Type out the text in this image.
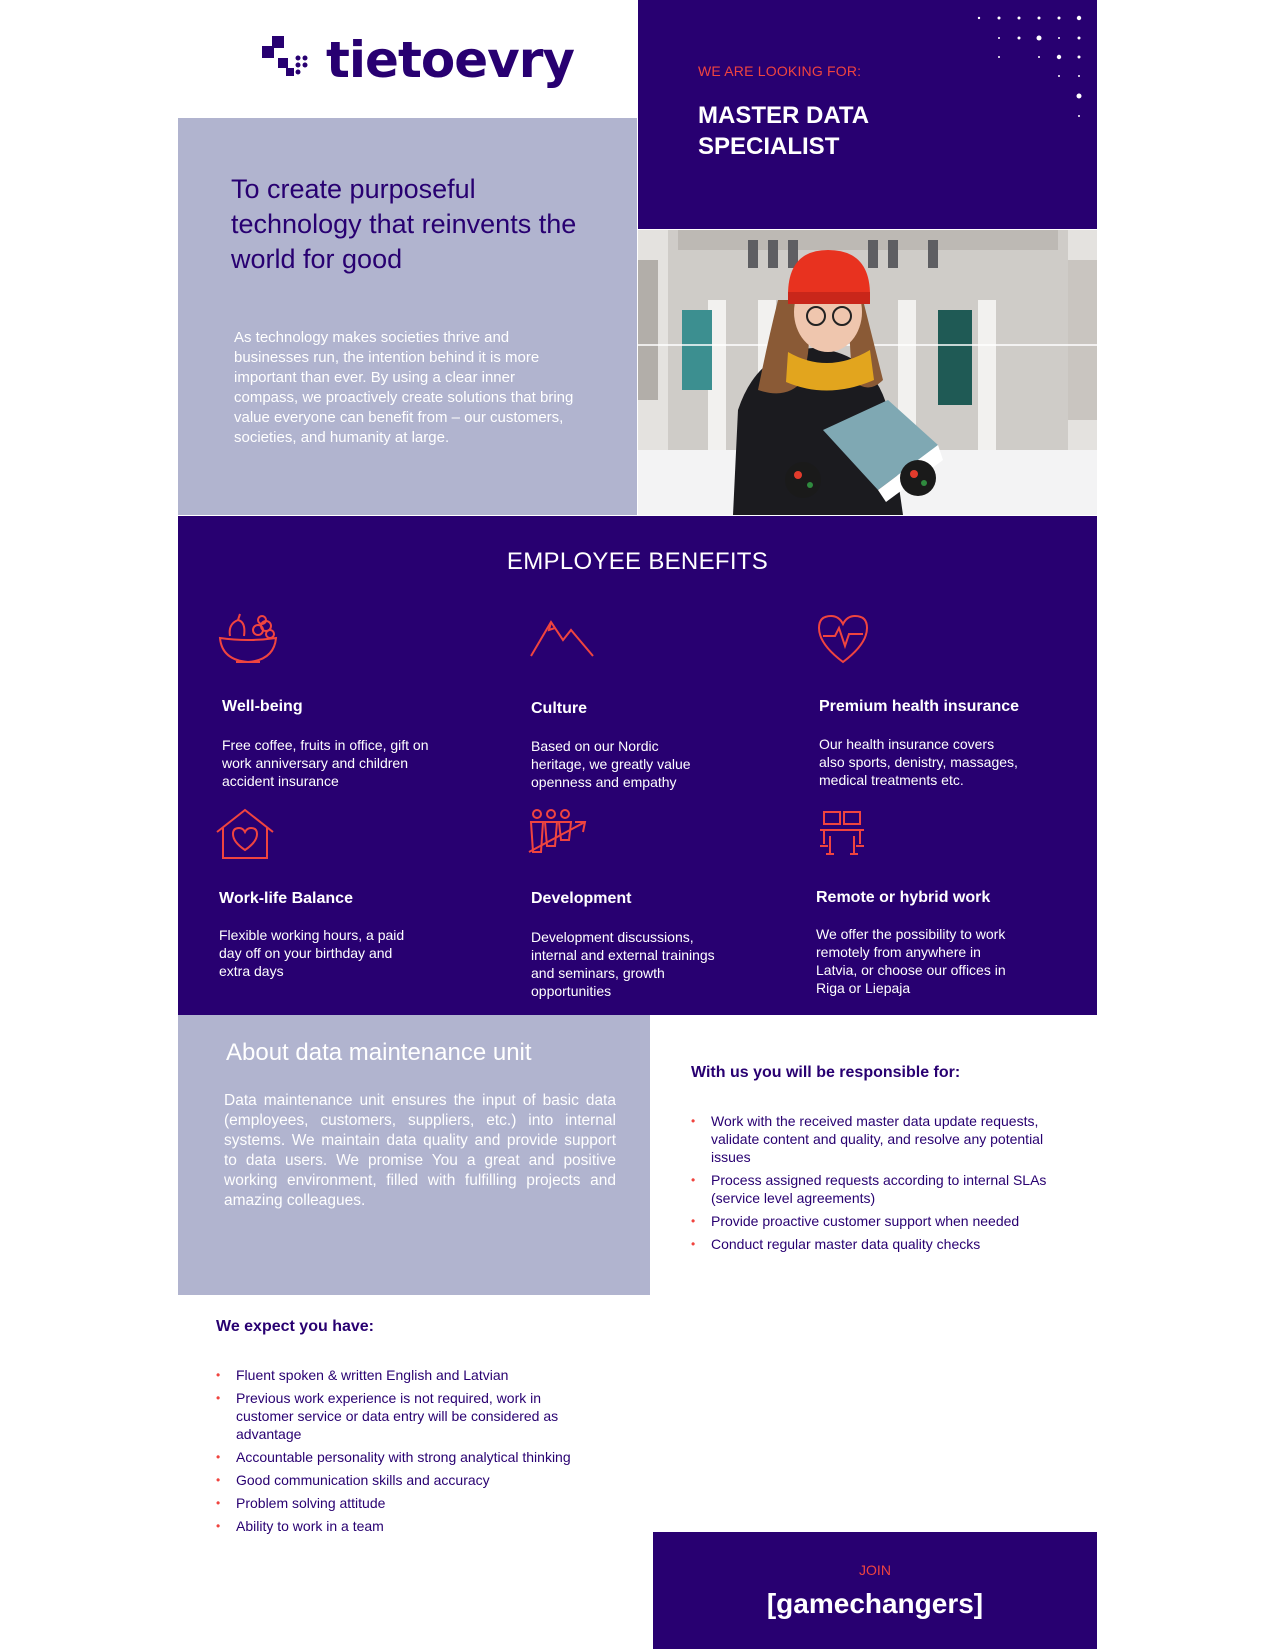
tietoevry	WE ARE LOOKING FOR:
MASTER DATA SPECIALIST
To create purposeful technology that reinvents the world for good

As technology makes societies thrive and businesses run, the intention behind it is more important than ever. By using a clear inner compass, we proactively create solutions that bring value everyone can benefit from – our customers, societies, and humanity at large.

EMPLOYEE BENEFITS
Well-being
Free coffee, fruits in office, gift on work anniversary and children accident insurance
Culture
Based on our Nordic heritage, we greatly value openness and empathy
Premium health insurance
Our health insurance covers also sports, denistry, massages, medical treatments etc.
Work-life Balance
Flexible working hours, a paid day off on your birthday and extra days
Development
Development discussions, internal and external trainings and seminars, growth opportunities
Remote or hybrid work
We offer the possibility to work remotely from anywhere in Latvia, or choose our offices in Riga or Liepaja
About data maintenance unit

Data maintenance unit ensures the input of basic data (employees, customers, suppliers, etc.) into internal systems. We maintain data quality and provide support to data users. We promise You a great and positive working environment, filled with fulfilling projects and amazing colleagues.

With us you will be responsible for:
• Work with the received master data update requests, validate content and quality, and resolve any potential issues
• Process assigned requests according to internal SLAs (service level agreements)
• Provide proactive customer support when needed
• Conduct regular master data quality checks
We expect you have:
• Fluent spoken & written English and Latvian
• Previous work experience is not required, work in customer service or data entry will be considered as advantage
• Accountable personality with strong analytical thinking
• Good communication skills and accuracy
• Problem solving attitude
• Ability to work in a team
JOIN
[gamechangers]
